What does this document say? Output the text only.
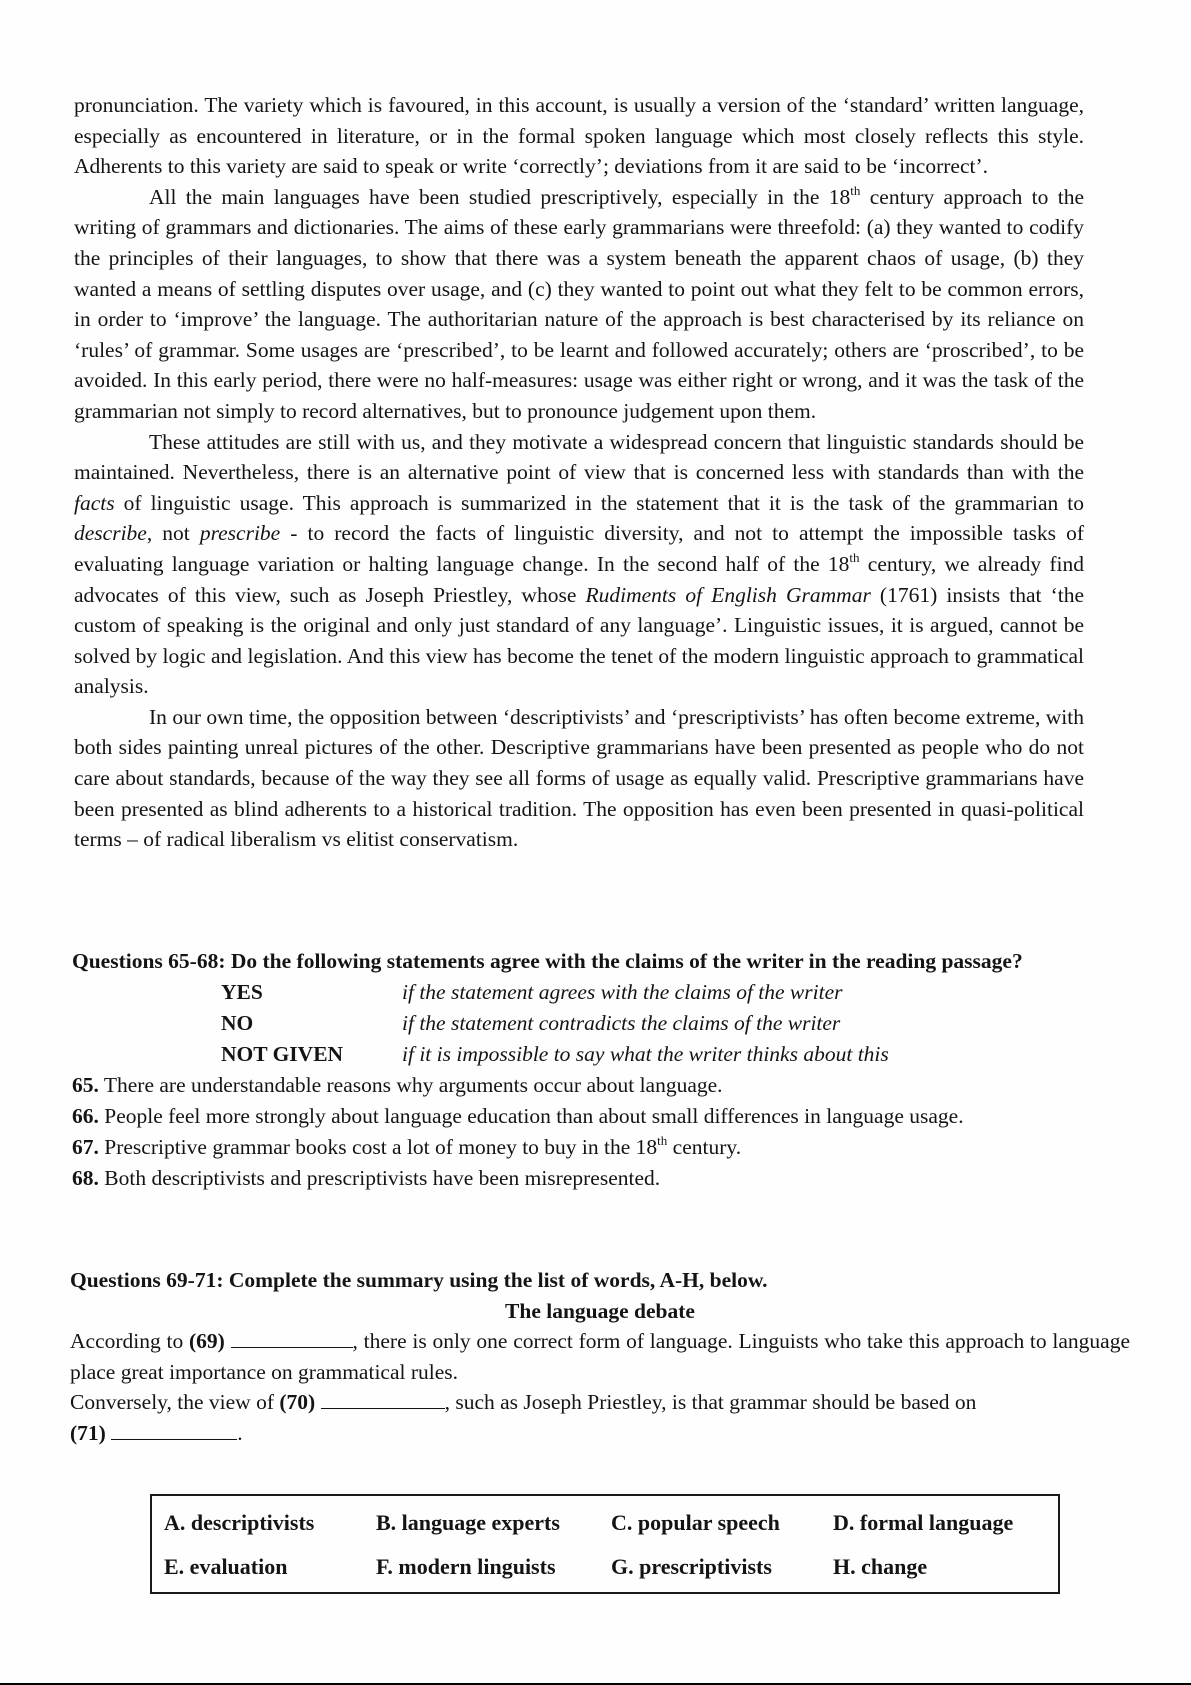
pronunciation. The variety which is favoured, in this account, is usually a version of the ‘standard’ written language, especially as encountered in literature, or in the formal spoken language which most closely reflects this style. Adherents to this variety are said to speak or write ‘correctly’; deviations from it are said to be ‘incorrect’.

All the main languages have been studied prescriptively, especially in the 18th century approach to the writing of grammars and dictionaries. The aims of these early grammarians were threefold: (a) they wanted to codify the principles of their languages, to show that there was a system beneath the apparent chaos of usage, (b) they wanted a means of settling disputes over usage, and (c) they wanted to point out what they felt to be common errors, in order to ‘improve’ the language. The authoritarian nature of the approach is best characterised by its reliance on ‘rules’ of grammar. Some usages are ‘prescribed’, to be learnt and followed accurately; others are ‘proscribed’, to be avoided. In this early period, there were no half-measures: usage was either right or wrong, and it was the task of the grammarian not simply to record alternatives, but to pronounce judgement upon them.

These attitudes are still with us, and they motivate a widespread concern that linguistic standards should be maintained. Nevertheless, there is an alternative point of view that is concerned less with standards than with the facts of linguistic usage. This approach is summarized in the statement that it is the task of the grammarian to describe, not prescribe - to record the facts of linguistic diversity, and not to attempt the impossible tasks of evaluating language variation or halting language change. In the second half of the 18th century, we already find advocates of this view, such as Joseph Priestley, whose Rudiments of English Grammar (1761) insists that ‘the custom of speaking is the original and only just standard of any language’. Linguistic issues, it is argued, cannot be solved by logic and legislation. And this view has become the tenet of the modern linguistic approach to grammatical analysis.

In our own time, the opposition between ‘descriptivists’ and ‘prescriptivists’ has often become extreme, with both sides painting unreal pictures of the other. Descriptive grammarians have been presented as people who do not care about standards, because of the way they see all forms of usage as equally valid. Prescriptive grammarians have been presented as blind adherents to a historical tradition. The opposition has even been presented in quasi-political terms – of radical liberalism vs elitist conservatism.

Questions 65-68: Do the following statements agree with the claims of the writer in the reading passage?

YES	if the statement agrees with the claims of the writer
NO	if the statement contradicts the claims of the writer
NOT GIVEN	if it is impossible to say what the writer thinks about this
65. There are understandable reasons why arguments occur about language.
66. People feel more strongly about language education than about small differences in language usage.
67. Prescriptive grammar books cost a lot of money to buy in the 18th century.
68. Both descriptivists and prescriptivists have been misrepresented.

Questions 69-71: Complete the summary using the list of words, A-H, below.

The language debate

According to (69)	, there is only one correct form of language. Linguists who take this approach to language place great importance on grammatical rules.

Conversely, the view of (70)	, such as Joseph Priestley, is that grammar should be based on

(71)	.

A. descriptivists	B. language experts	C. popular speech	D. formal language
E. evaluation	F. modern linguists	G. prescriptivists	H. change
